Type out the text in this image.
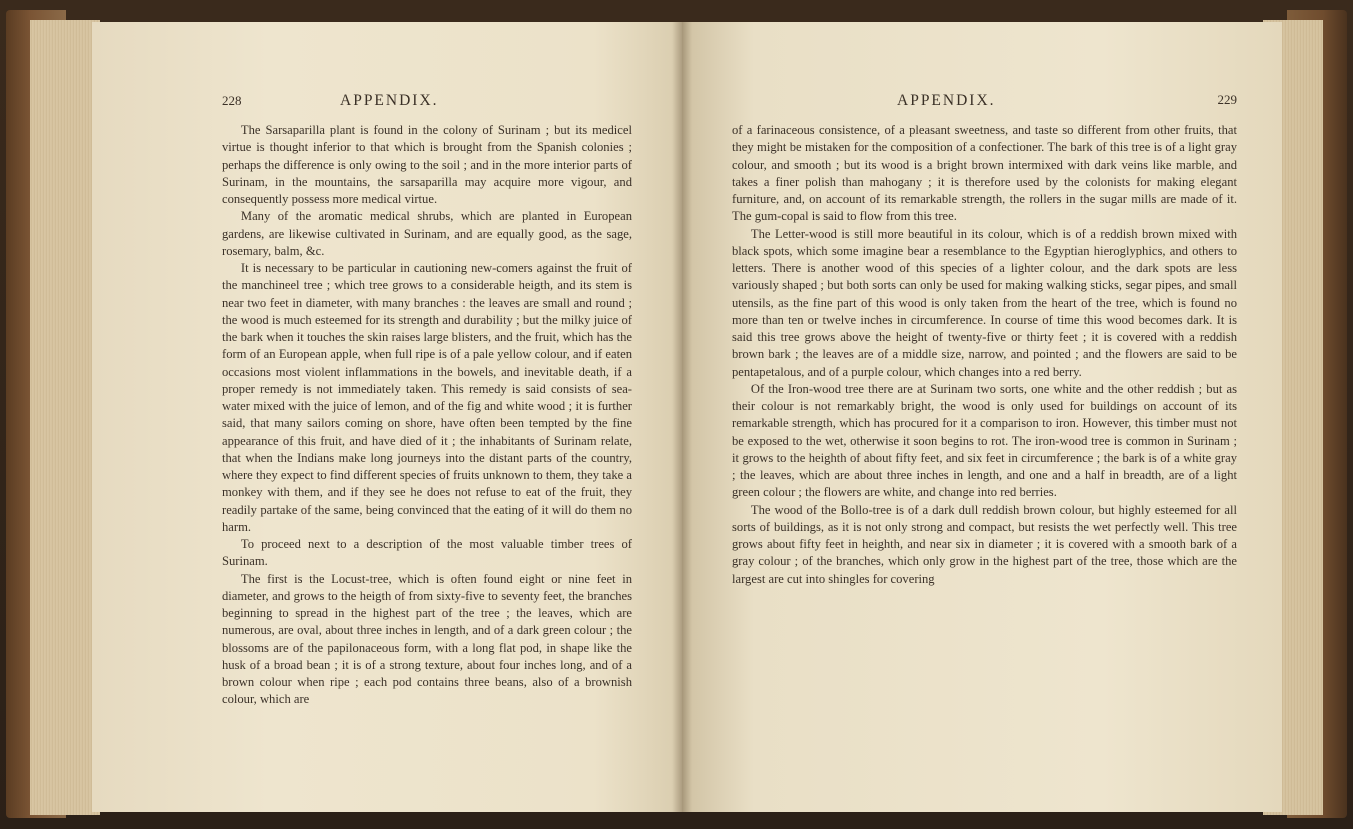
228	APPENDIX.

The Sarsaparilla plant is found in the colony of Surinam ; but its medicel virtue is thought inferior to that which is brought from the Spanish colonies ; perhaps the difference is only owing to the soil ; and in the more interior parts of Surinam, in the mountains, the sarsaparilla may acquire more vigour, and consequently possess more medical virtue.

Many of the aromatic medical shrubs, which are planted in European gardens, are likewise cultivated in Surinam, and are equally good, as the sage, rosemary, balm, &c.

It is necessary to be particular in cautioning new-comers against the fruit of the manchineel tree ; which tree grows to a considerable heigth, and its stem is near two feet in diameter, with many branches : the leaves are small and round ; the wood is much esteemed for its strength and durability ; but the milky juice of the bark when it touches the skin raises large blisters, and the fruit, which has the form of an European apple, when full ripe is of a pale yellow colour, and if eaten occasions most violent inflammations in the bowels, and inevitable death, if a proper remedy is not immediately taken. This remedy is said consists of sea-water mixed with the juice of lemon, and of the fig and white wood ; it is further said, that many sailors coming on shore, have often been tempted by the fine appearance of this fruit, and have died of it ; the inhabitants of Surinam relate, that when the Indians make long journeys into the distant parts of the country, where they expect to find different species of fruits unknown to them, they take a monkey with them, and if they see he does not refuse to eat of the fruit, they readily partake of the same, being convinced that the eating of it will do them no harm.

To proceed next to a description of the most valuable timber trees of Surinam.

The first is the Locust-tree, which is often found eight or nine feet in diameter, and grows to the heigth of from sixty-five to seventy feet, the branches beginning to spread in the highest part of the tree ; the leaves, which are numerous, are oval, about three inches in length, and of a dark green colour ; the blossoms are of the papilonaceous form, with a long flat pod, in shape like the husk of a broad bean ; it is of a strong texture, about four inches long, and of a brown colour when ripe ; each pod contains three beans, also of a brownish colour, which are

APPENDIX.	229

of a farinaceous consistence, of a pleasant sweetness, and taste so different from other fruits, that they might be mistaken for the composition of a confectioner. The bark of this tree is of a light gray colour, and smooth ; but its wood is a bright brown intermixed with dark veins like marble, and takes a finer polish than mahogany ; it is therefore used by the colonists for making elegant furniture, and, on account of its remarkable strength, the rollers in the sugar mills are made of it. The gum-copal is said to flow from this tree.

The Letter-wood is still more beautiful in its colour, which is of a reddish brown mixed with black spots, which some imagine bear a resemblance to the Egyptian hieroglyphics, and others to letters. There is another wood of this species of a lighter colour, and the dark spots are less variously shaped ; but both sorts can only be used for making walking sticks, segar pipes, and small utensils, as the fine part of this wood is only taken from the heart of the tree, which is found no more than ten or twelve inches in circumference. In course of time this wood becomes dark. It is said this tree grows above the height of twenty-five or thirty feet ; it is covered with a reddish brown bark ; the leaves are of a middle size, narrow, and pointed ; and the flowers are said to be pentapetalous, and of a purple colour, which changes into a red berry.

Of the Iron-wood tree there are at Surinam two sorts, one white and the other reddish ; but as their colour is not remarkably bright, the wood is only used for buildings on account of its remarkable strength, which has procured for it a comparison to iron. However, this timber must not be exposed to the wet, otherwise it soon begins to rot. The iron-wood tree is common in Surinam ; it grows to the heighth of about fifty feet, and six feet in circumference ; the bark is of a white gray ; the leaves, which are about three inches in length, and one and a half in breadth, are of a light green colour ; the flowers are white, and change into red berries.

The wood of the Bollo-tree is of a dark dull reddish brown colour, but highly esteemed for all sorts of buildings, as it is not only strong and compact, but resists the wet perfectly well. This tree grows about fifty feet in heighth, and near six in diameter ; it is covered with a smooth bark of a gray colour ; of the branches, which only grow in the highest part of the tree, those which are the largest are cut into shingles for covering
